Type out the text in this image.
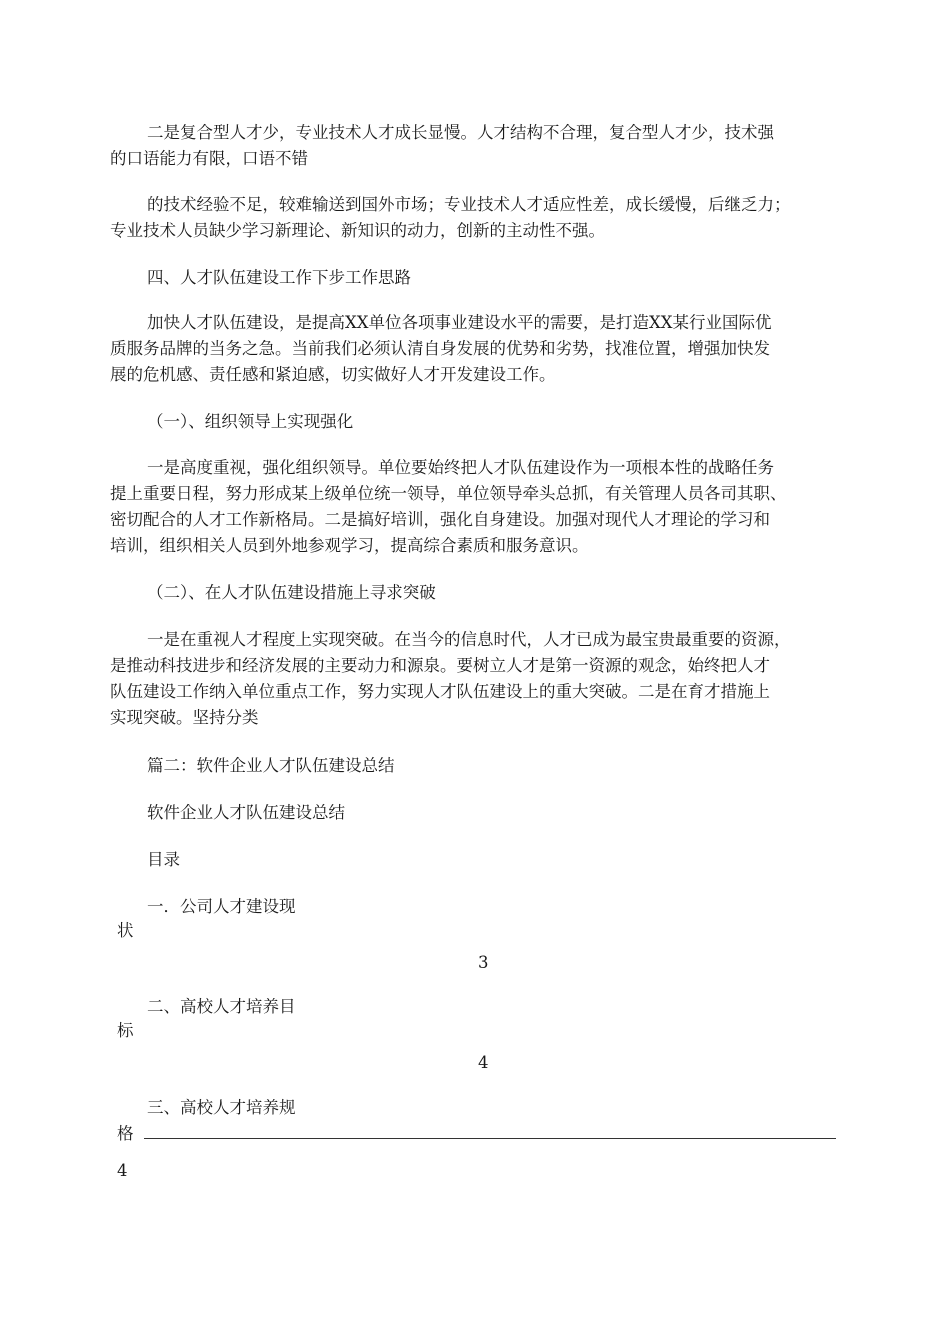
二是复合型人才少，专业技术人才成长显慢。人才结构不合理，复合型人才少，技术强

的口语能力有限，口语不错

的技术经验不足，较难输送到国外市场；专业技术人才适应性差，成长缓慢，后继乏力；

专业技术人员缺少学习新理论、新知识的动力，创新的主动性不强。

四、人才队伍建设工作下步工作思路

加快人才队伍建设，是提高XX单位各项事业建设水平的需要，是打造XX某行业国际优

质服务品牌的当务之急。当前我们必须认清自身发展的优势和劣势，找准位置，增强加快发

展的危机感、责任感和紧迫感，切实做好人才开发建设工作。

（一）、组织领导上实现强化

一是高度重视，强化组织领导。单位要始终把人才队伍建设作为一项根本性的战略任务

提上重要日程，努力形成某上级单位统一领导，单位领导牵头总抓，有关管理人员各司其职、

密切配合的人才工作新格局。二是搞好培训，强化自身建设。加强对现代人才理论的学习和

培训，组织相关人员到外地参观学习，提高综合素质和服务意识。

（二）、在人才队伍建设措施上寻求突破

一是在重视人才程度上实现突破。在当今的信息时代，人才已成为最宝贵最重要的资源，

是推动科技进步和经济发展的主要动力和源泉。要树立人才是第一资源的观念，始终把人才

队伍建设工作纳入单位重点工作，努力实现人才队伍建设上的重大突破。二是在育才措施上

实现突破。坚持分类

篇二：软件企业人才队伍建设总结

软件企业人才队伍建设总结

目录

一．公司人才建设现

状

3

二、高校人才培养目

标

4

三、高校人才培养规

格

4
